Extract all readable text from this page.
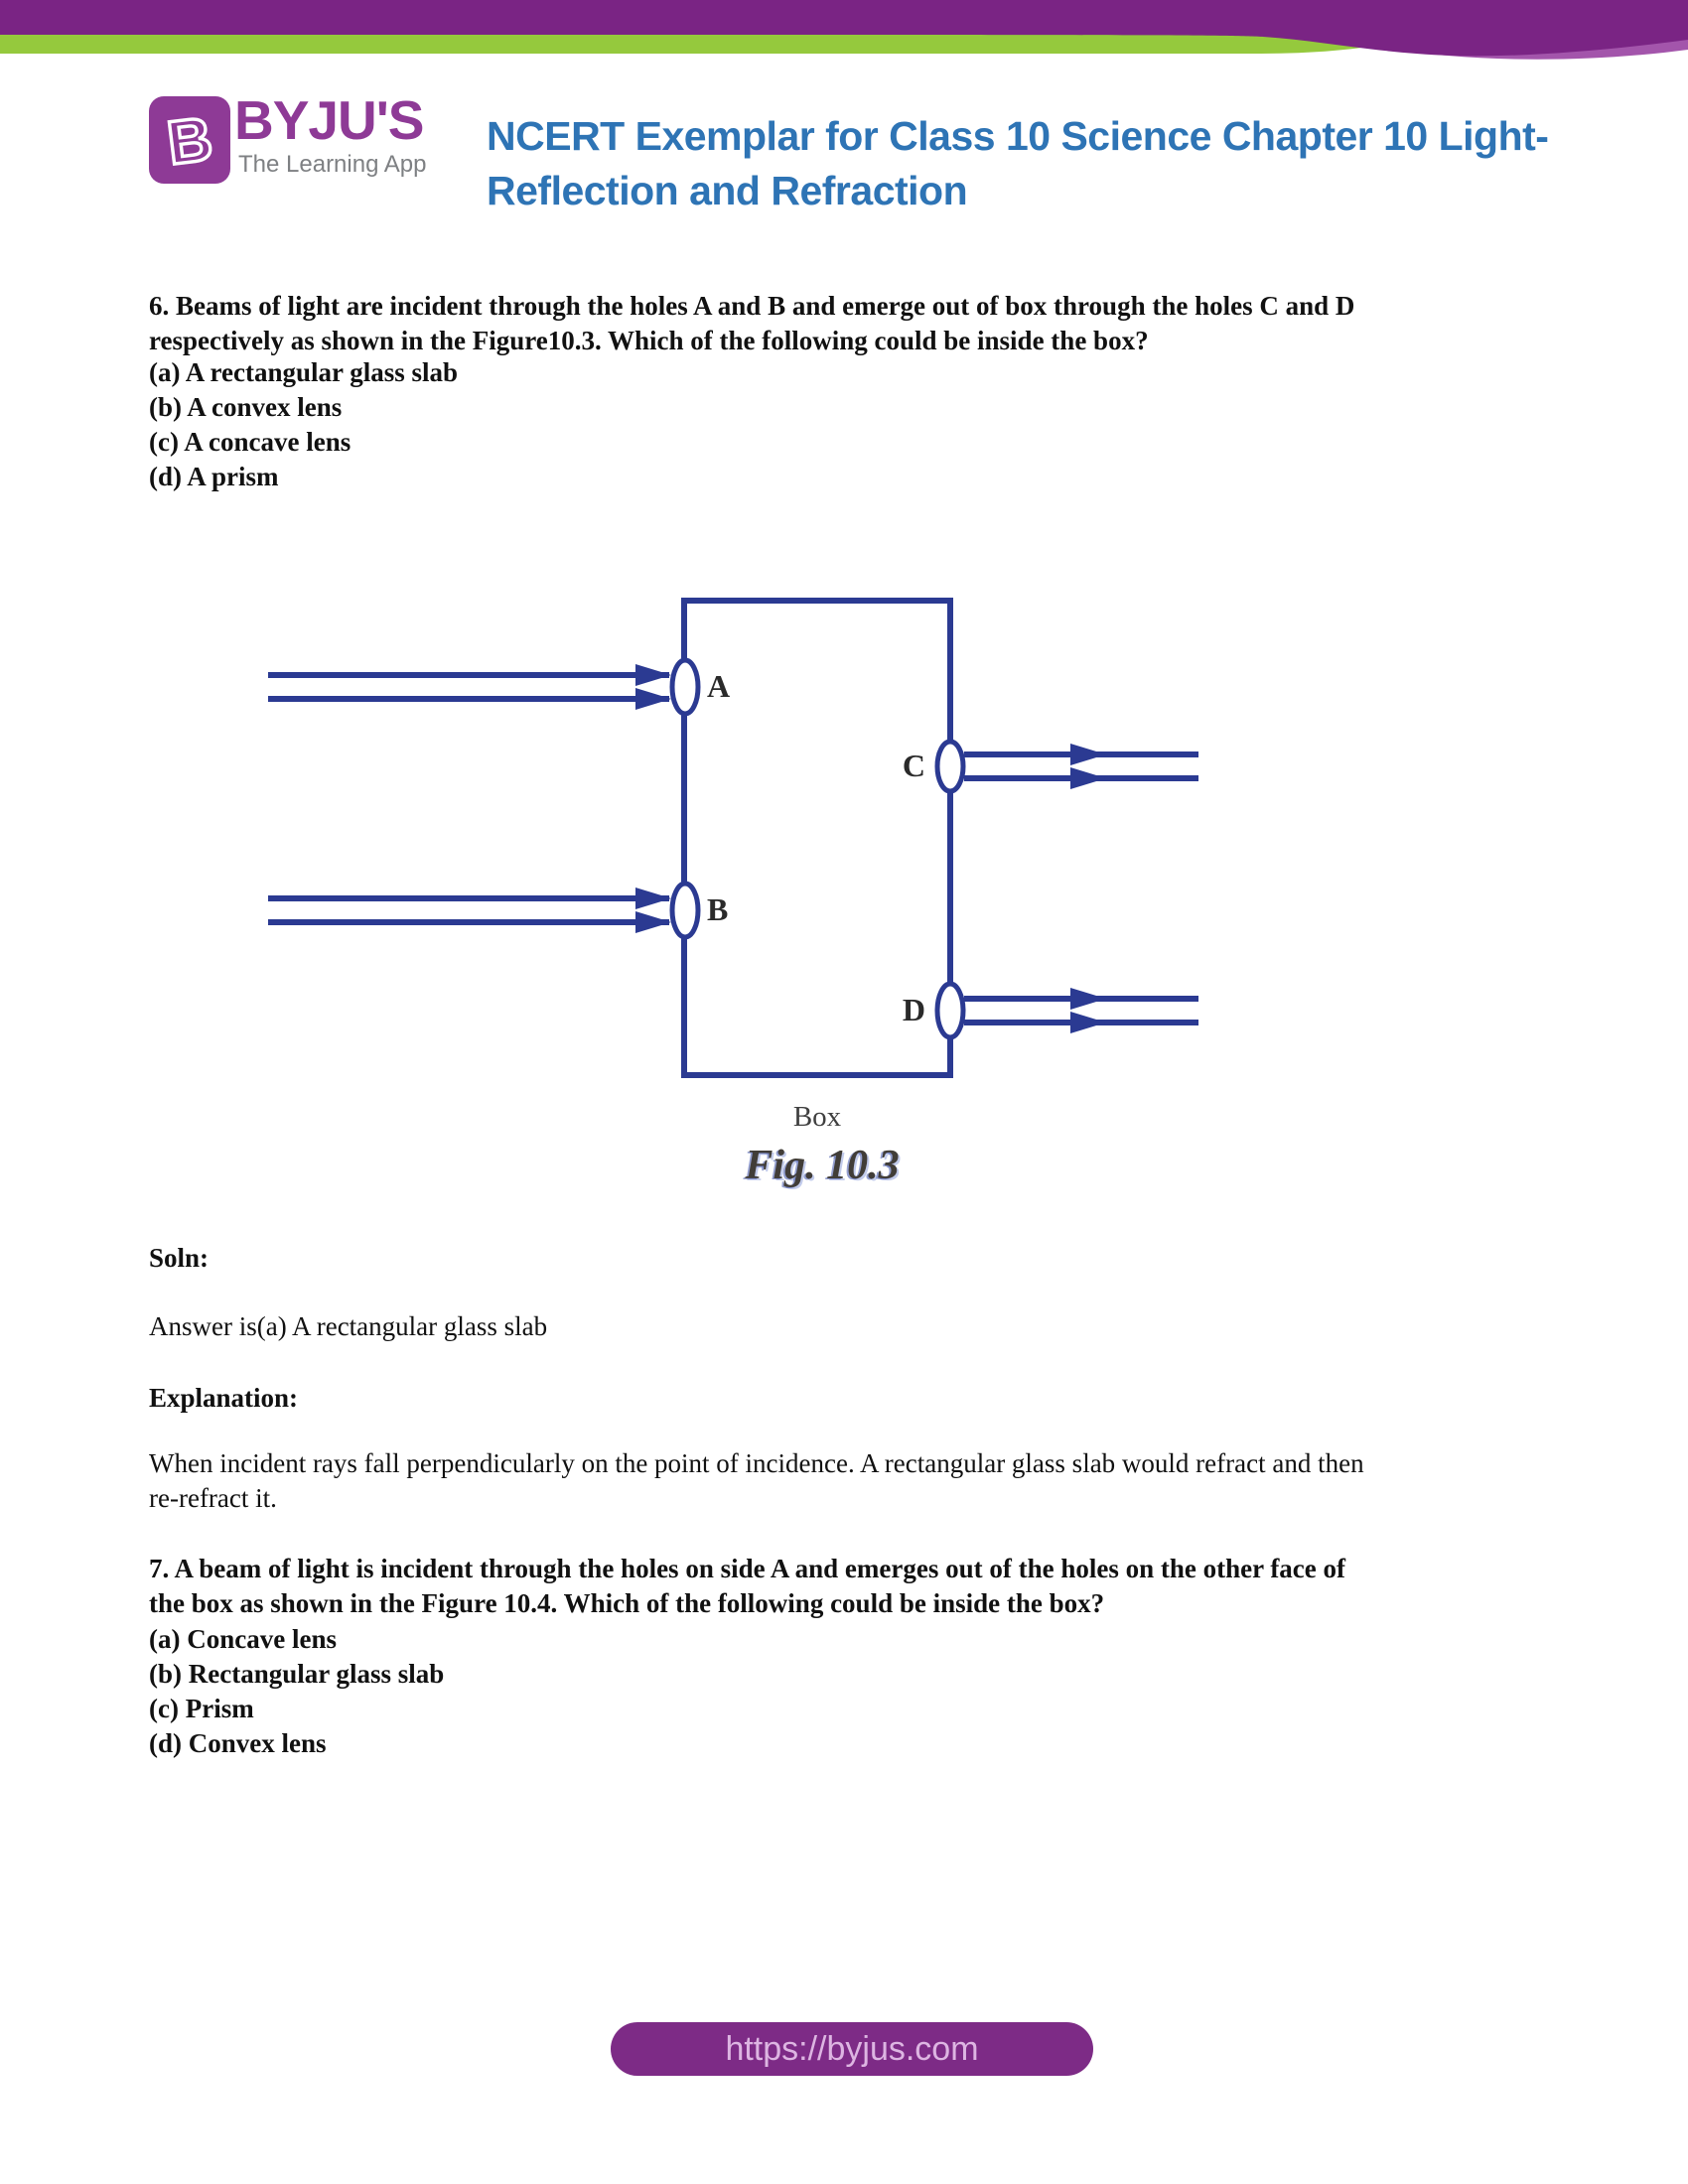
B BYJU'S
The Learning App
NCERT Exemplar for Class 10 Science Chapter 10 Light-
Reflection and Refraction
6. Beams of light are incident through the holes A and B and emerge out of box through the holes C and D
respectively as shown in the Figure10.3. Which of the following could be inside the box?
(a) A rectangular glass slab
(b) A convex lens
(c) A concave lens
(d) A prism
A
B
C
D
Box
Fig. 10.3
Soln:
Answer is(a) A rectangular glass slab
Explanation:
When incident rays fall perpendicularly on the point of incidence. A rectangular glass slab would refract and then
re-refract it.
7. A beam of light is incident through the holes on side A and emerges out of the holes on the other face of
the box as shown in the Figure 10.4. Which of the following could be inside the box?
(a) Concave lens
(b) Rectangular glass slab
(c) Prism
(d) Convex lens
https://byjus.com
